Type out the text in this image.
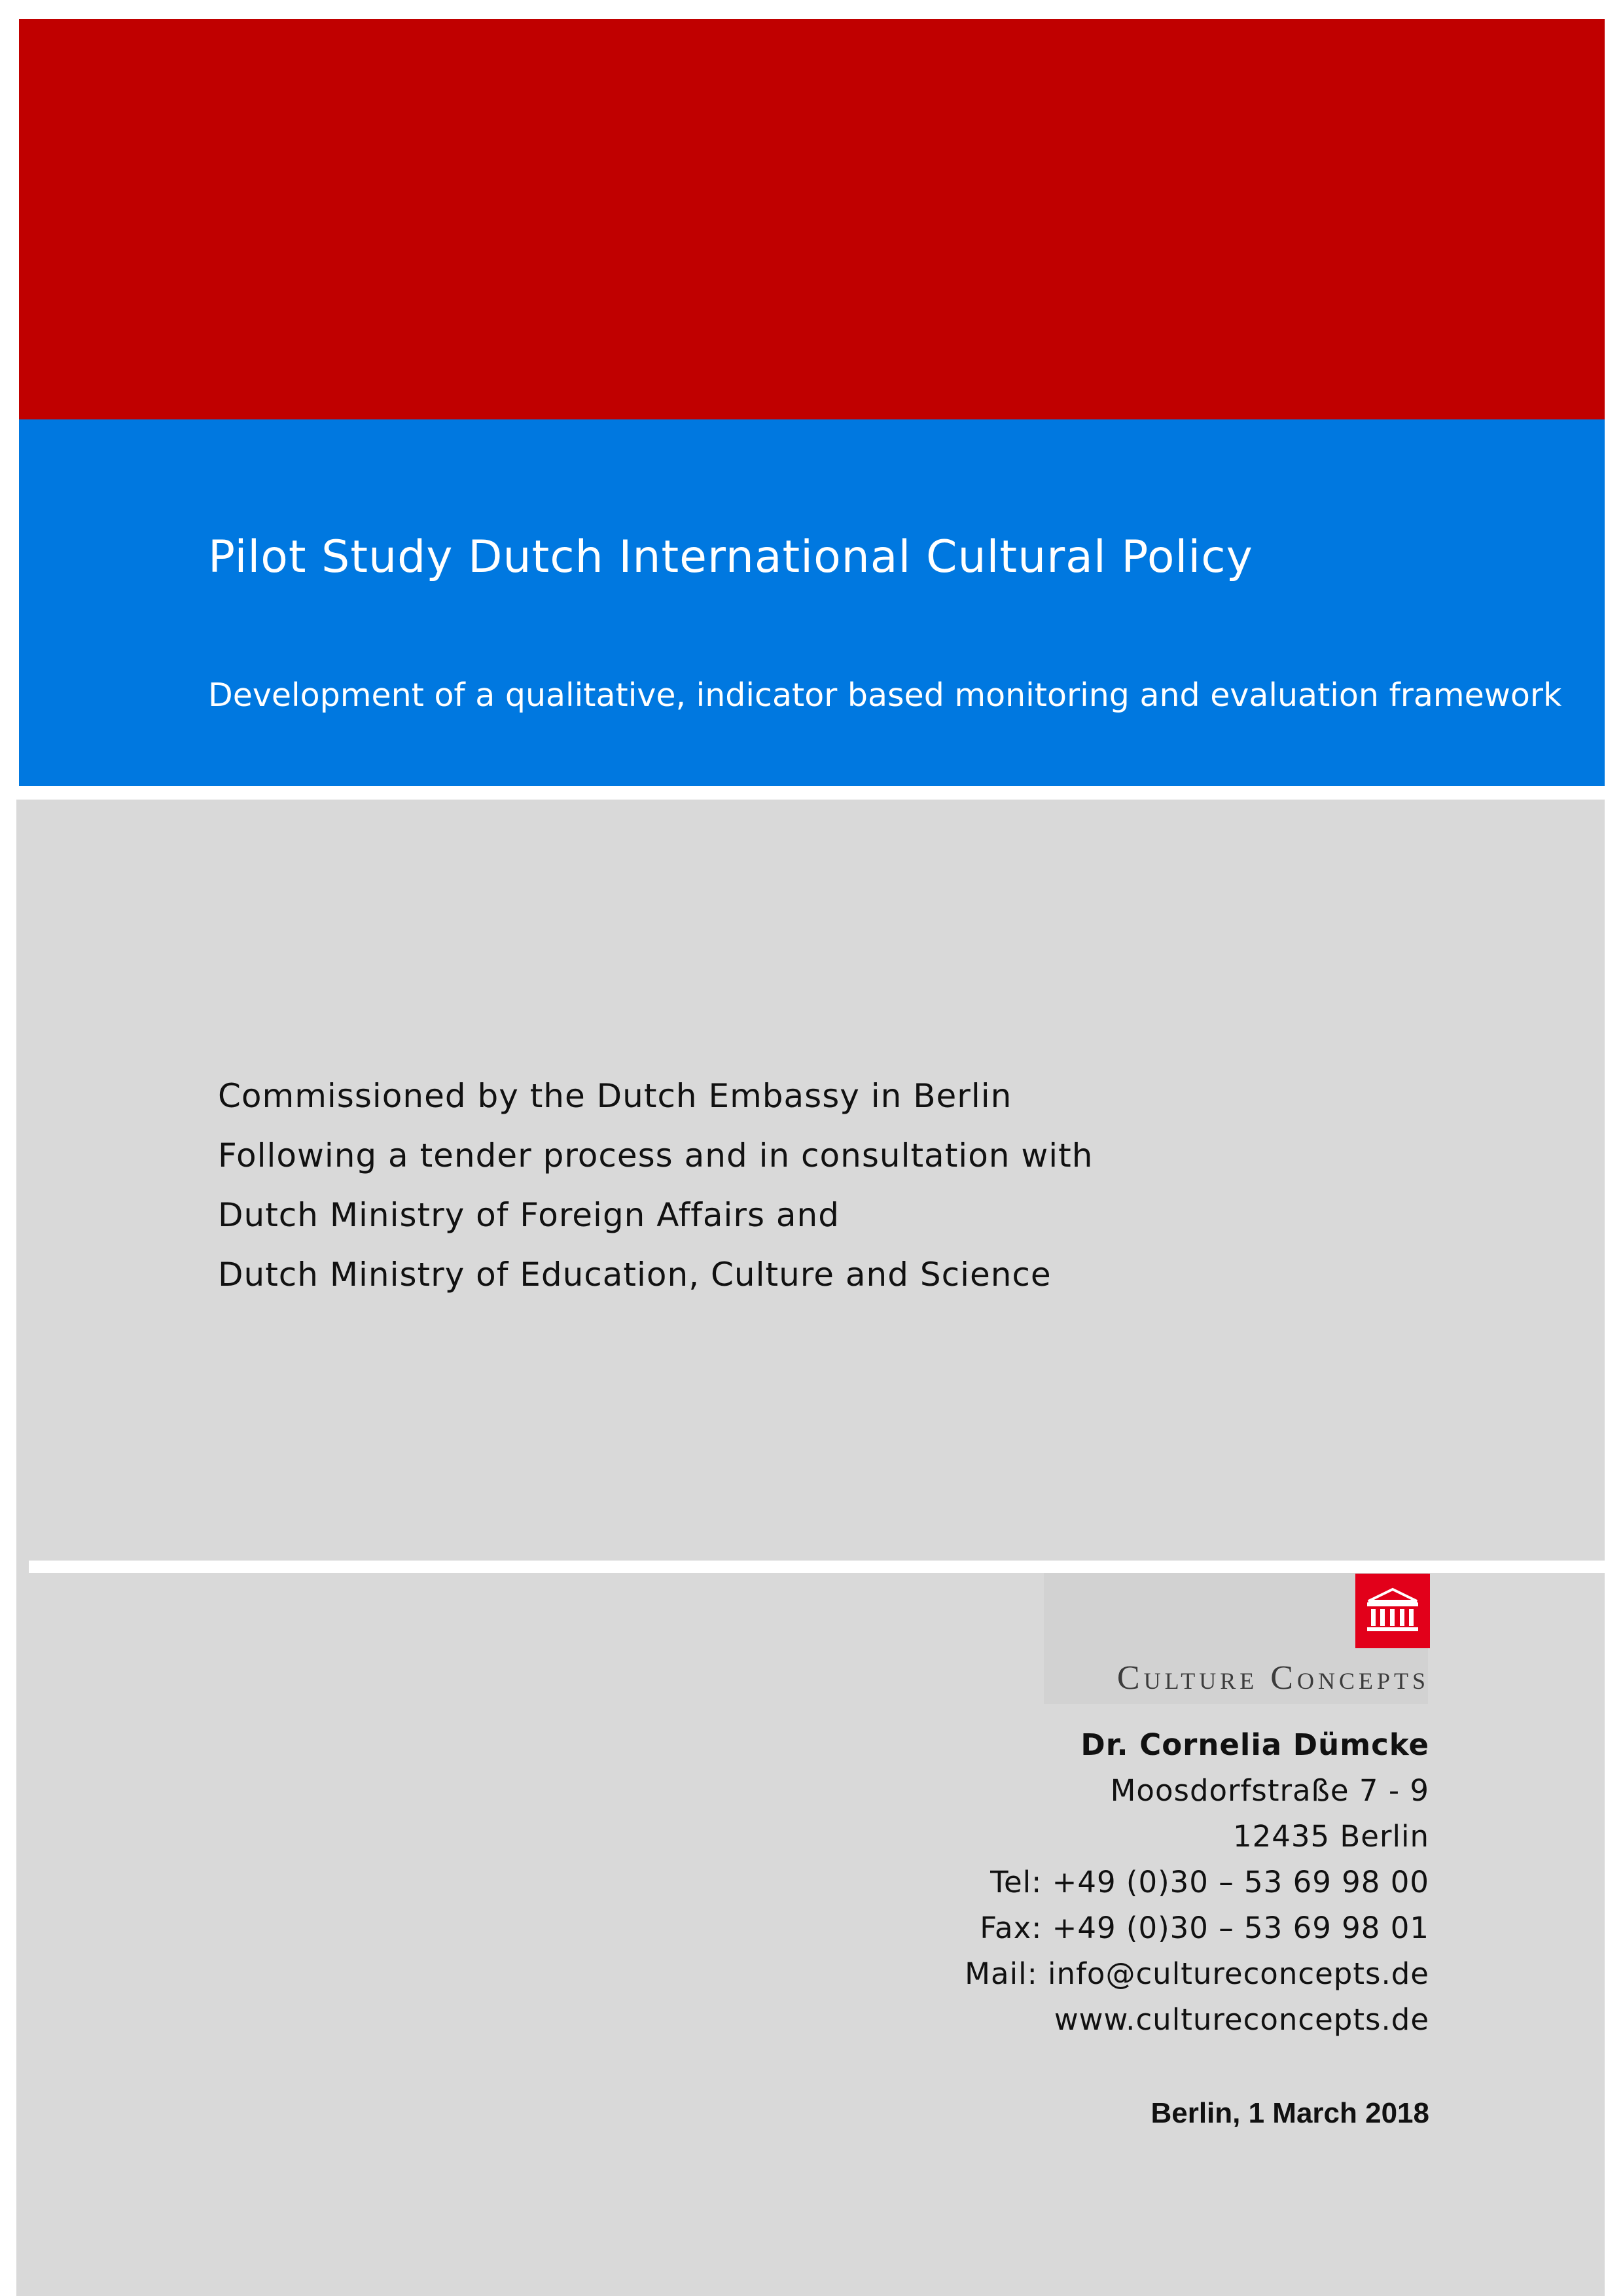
Pilot Study Dutch International Cultural Policy
Development of a qualitative, indicator based monitoring and evaluation framework
Commissioned by the Dutch Embassy in Berlin
Following a tender process and in consultation with
Dutch Ministry of Foreign Affairs and
Dutch Ministry of Education, Culture and Science
Culture Concepts
Dr. Cornelia Dümcke
Moosdorfstraße 7 - 9
12435 Berlin
Tel: +49 (0)30 – 53 69 98 00
Fax: +49 (0)30 – 53 69 98 01
Mail: info@cultureconcepts.de
www.cultureconcepts.de
Berlin, 1 March 2018
